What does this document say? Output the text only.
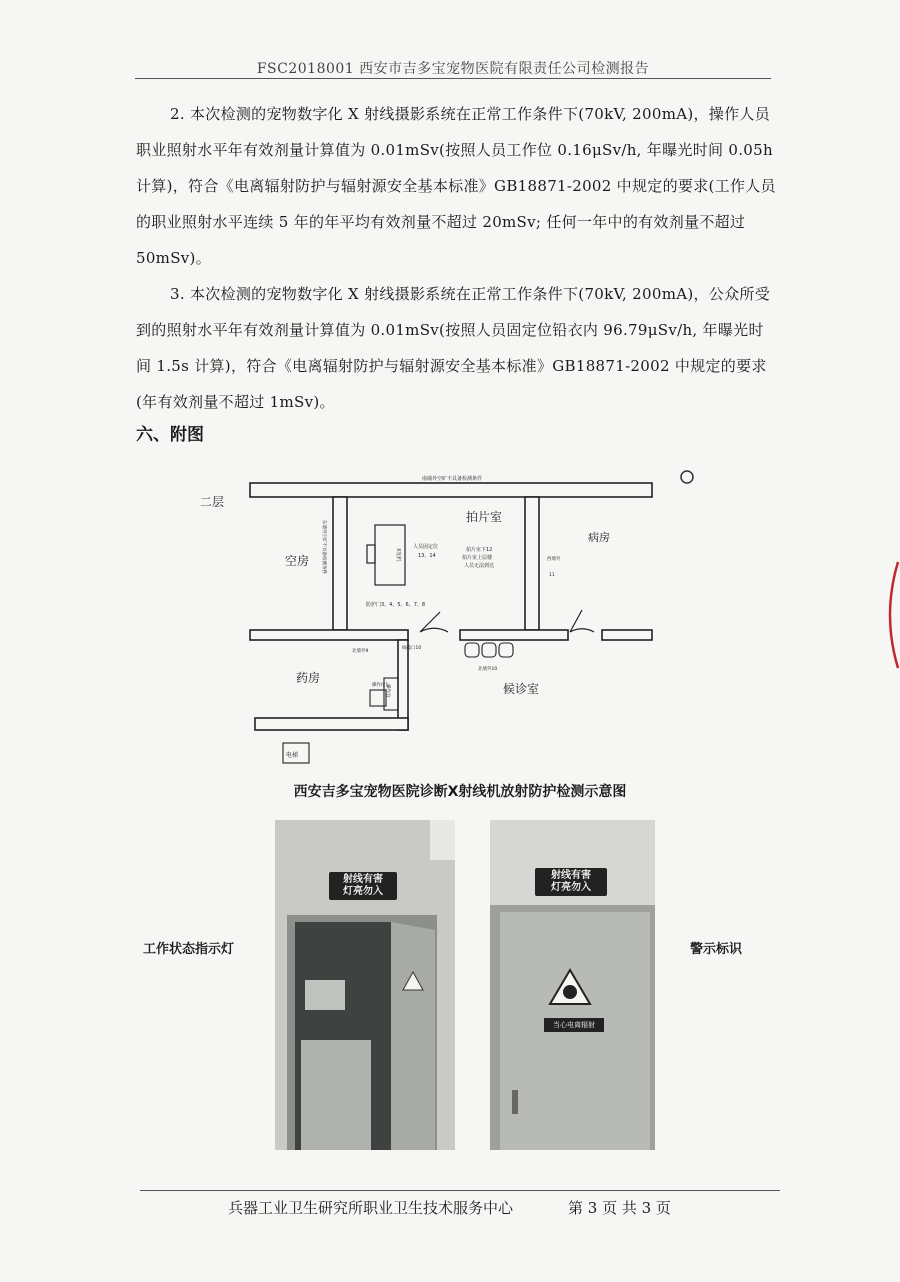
FSC2018001 西安市吉多宝宠物医院有限责任公司检测报告

2. 本次检测的宠物数字化 X 射线摄影系统在正常工作条件下(70kV, 200mA)，操作人员职业照射水平年有效剂量计算值为 0.01mSv(按照人员工作位 0.16μSv/h, 年曝光时间 0.05h 计算)，符合《电离辐射防护与辐射源安全基本标准》GB18871-2002 中规定的要求(工作人员的职业照射水平连续 5 年的年平均有效剂量不超过 20mSv; 任何一年中的有效剂量不超过 50mSv)。

3. 本次检测的宠物数字化 X 射线摄影系统在正常工作条件下(70kV, 200mA)，公众所受到的照射水平年有效剂量计算值为 0.01mSv(按照人员固定位铅衣内 96.79μSv/h, 年曝光时间 1.5s 计算)，符合《电离辐射防护与辐射源安全基本标准》GB18871-2002 中规定的要求(年有效剂量不超过 1mSv)。

六、附图
南墙外空旷不具备检测条件
二层
拍片室
空房
病房
药房
候诊室
电梯
人员固定位
13、14
拍片室下12
拍片室上层楼
人员无法到达
防护门3、4、5、6、7、8
北墙外9
线缆口10
北墙外10
操作位1
西墙外
11
东墙外空旷不具备检测条件	X光机
操作台
西安吉多宝宠物医院诊断X射线机放射防护检测示意图
射线有害
灯亮勿入
射线有害
灯亮勿入
当心电离辐射
工作状态指示灯	警示标识
兵器工业卫生研究所职业卫生技术服务中心	第 3 页 共 3 页
